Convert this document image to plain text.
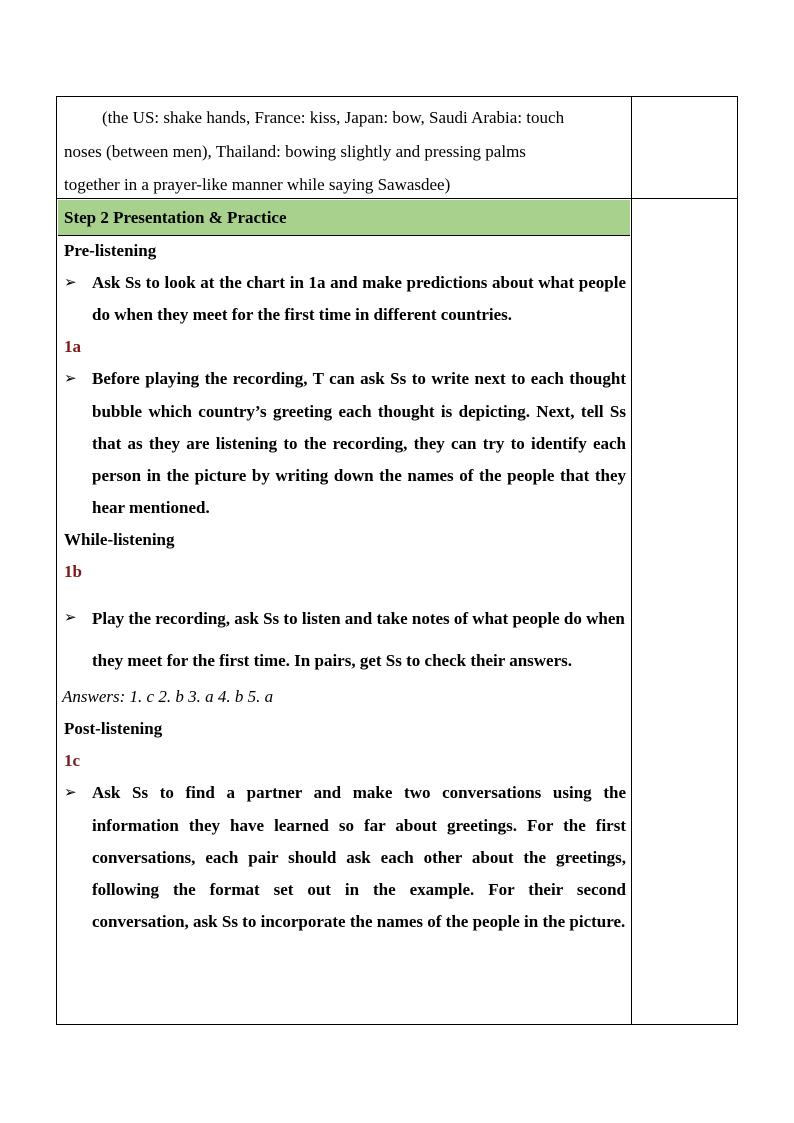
(the US: shake hands, France: kiss, Japan: bow, Saudi Arabia: touch

noses (between men), Thailand: bowing slightly and pressing palms

together in a prayer-like manner while saying Sawasdee)

Step 2 Presentation & Practice
Pre-listening
➢ Ask Ss to look at the chart in 1a and make predictions about what people do when they meet for the first time in different countries.
1a
➢ Before playing the recording, T can ask Ss to write next to each thought bubble which country’s greeting each thought is depicting. Next, tell Ss that as they are listening to the recording, they can try to identify each person in the picture by writing down the names of the people that they hear mentioned.
While-listening
1b
➢ Play the recording, ask Ss to listen and take notes of what people do when they meet for the first time. In pairs, get Ss to check their answers.
Answers: 1. c 2. b 3. a 4. b 5. a
Post-listening
1c
➢ Ask Ss to find a partner and make two conversations using the information they have learned so far about greetings. For the first conversations, each pair should ask each other about the greetings, following the format set out in the example. For their second conversation, ask Ss to incorporate the names of the people in the picture.
